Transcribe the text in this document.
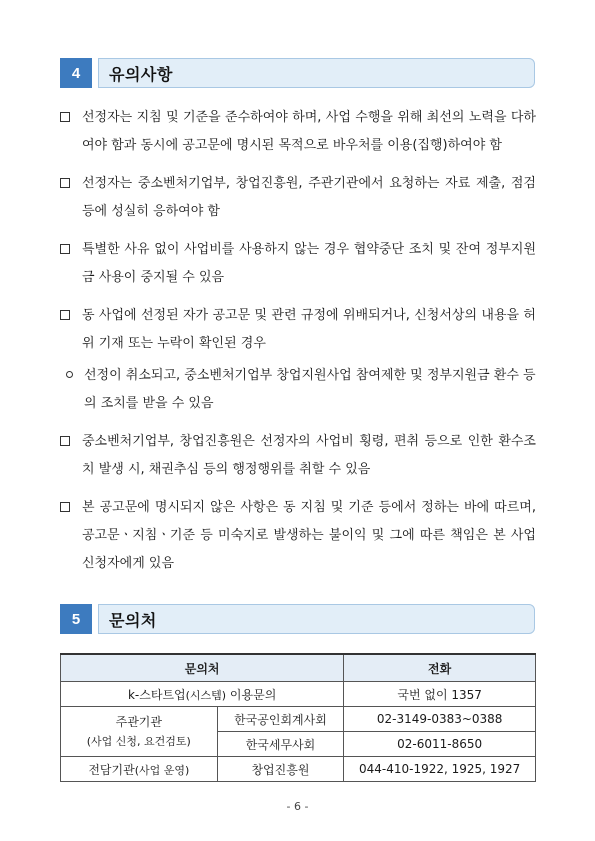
4	유의사항

선정자는 지침 및 기준을 준수하여야 하며, 사업 수행을 위해 최선의 노력을 다하여야 함과 동시에 공고문에 명시된 목적으로 바우처를 이용(집행)하여야 함

선정자는 중소벤처기업부, 창업진흥원, 주관기관에서 요청하는 자료 제출, 점검 등에 성실히 응하여야 함

특별한 사유 없이 사업비를 사용하지 않는 경우 협약중단 조치 및 잔여 정부지원금 사용이 중지될 수 있음

동 사업에 선정된 자가 공고문 및 관련 규정에 위배되거나, 신청서상의 내용을 허위 기재 또는 누락이 확인된 경우

선정이 취소되고, 중소벤처기업부 창업지원사업 참여제한 및 정부지원금 환수 등의 조치를 받을 수 있음

중소벤처기업부, 창업진흥원은 선정자의 사업비 횡령, 편취 등으로 인한 환수조치 발생 시, 채권추심 등의 행정행위를 취할 수 있음

본 공고문에 명시되지 않은 사항은 동 지침 및 기준 등에서 정하는 바에 따르며, 공고문ㆍ지침ㆍ기준 등 미숙지로 발생하는 불이익 및 그에 따른 책임은 본 사업 신청자에게 있음

5	문의처
문의처		전화
k-스타트업(시스템) 이용문의		국번 없이 1357

주관기관
(사업 신청, 요건검토)	한국공인회계사회	02-3149-0383~0388
	한국세무사회	02-6011-8650
전담기관(사업 운영)	창업진흥원	044-410-1922, 1925, 1927
- 6 -
